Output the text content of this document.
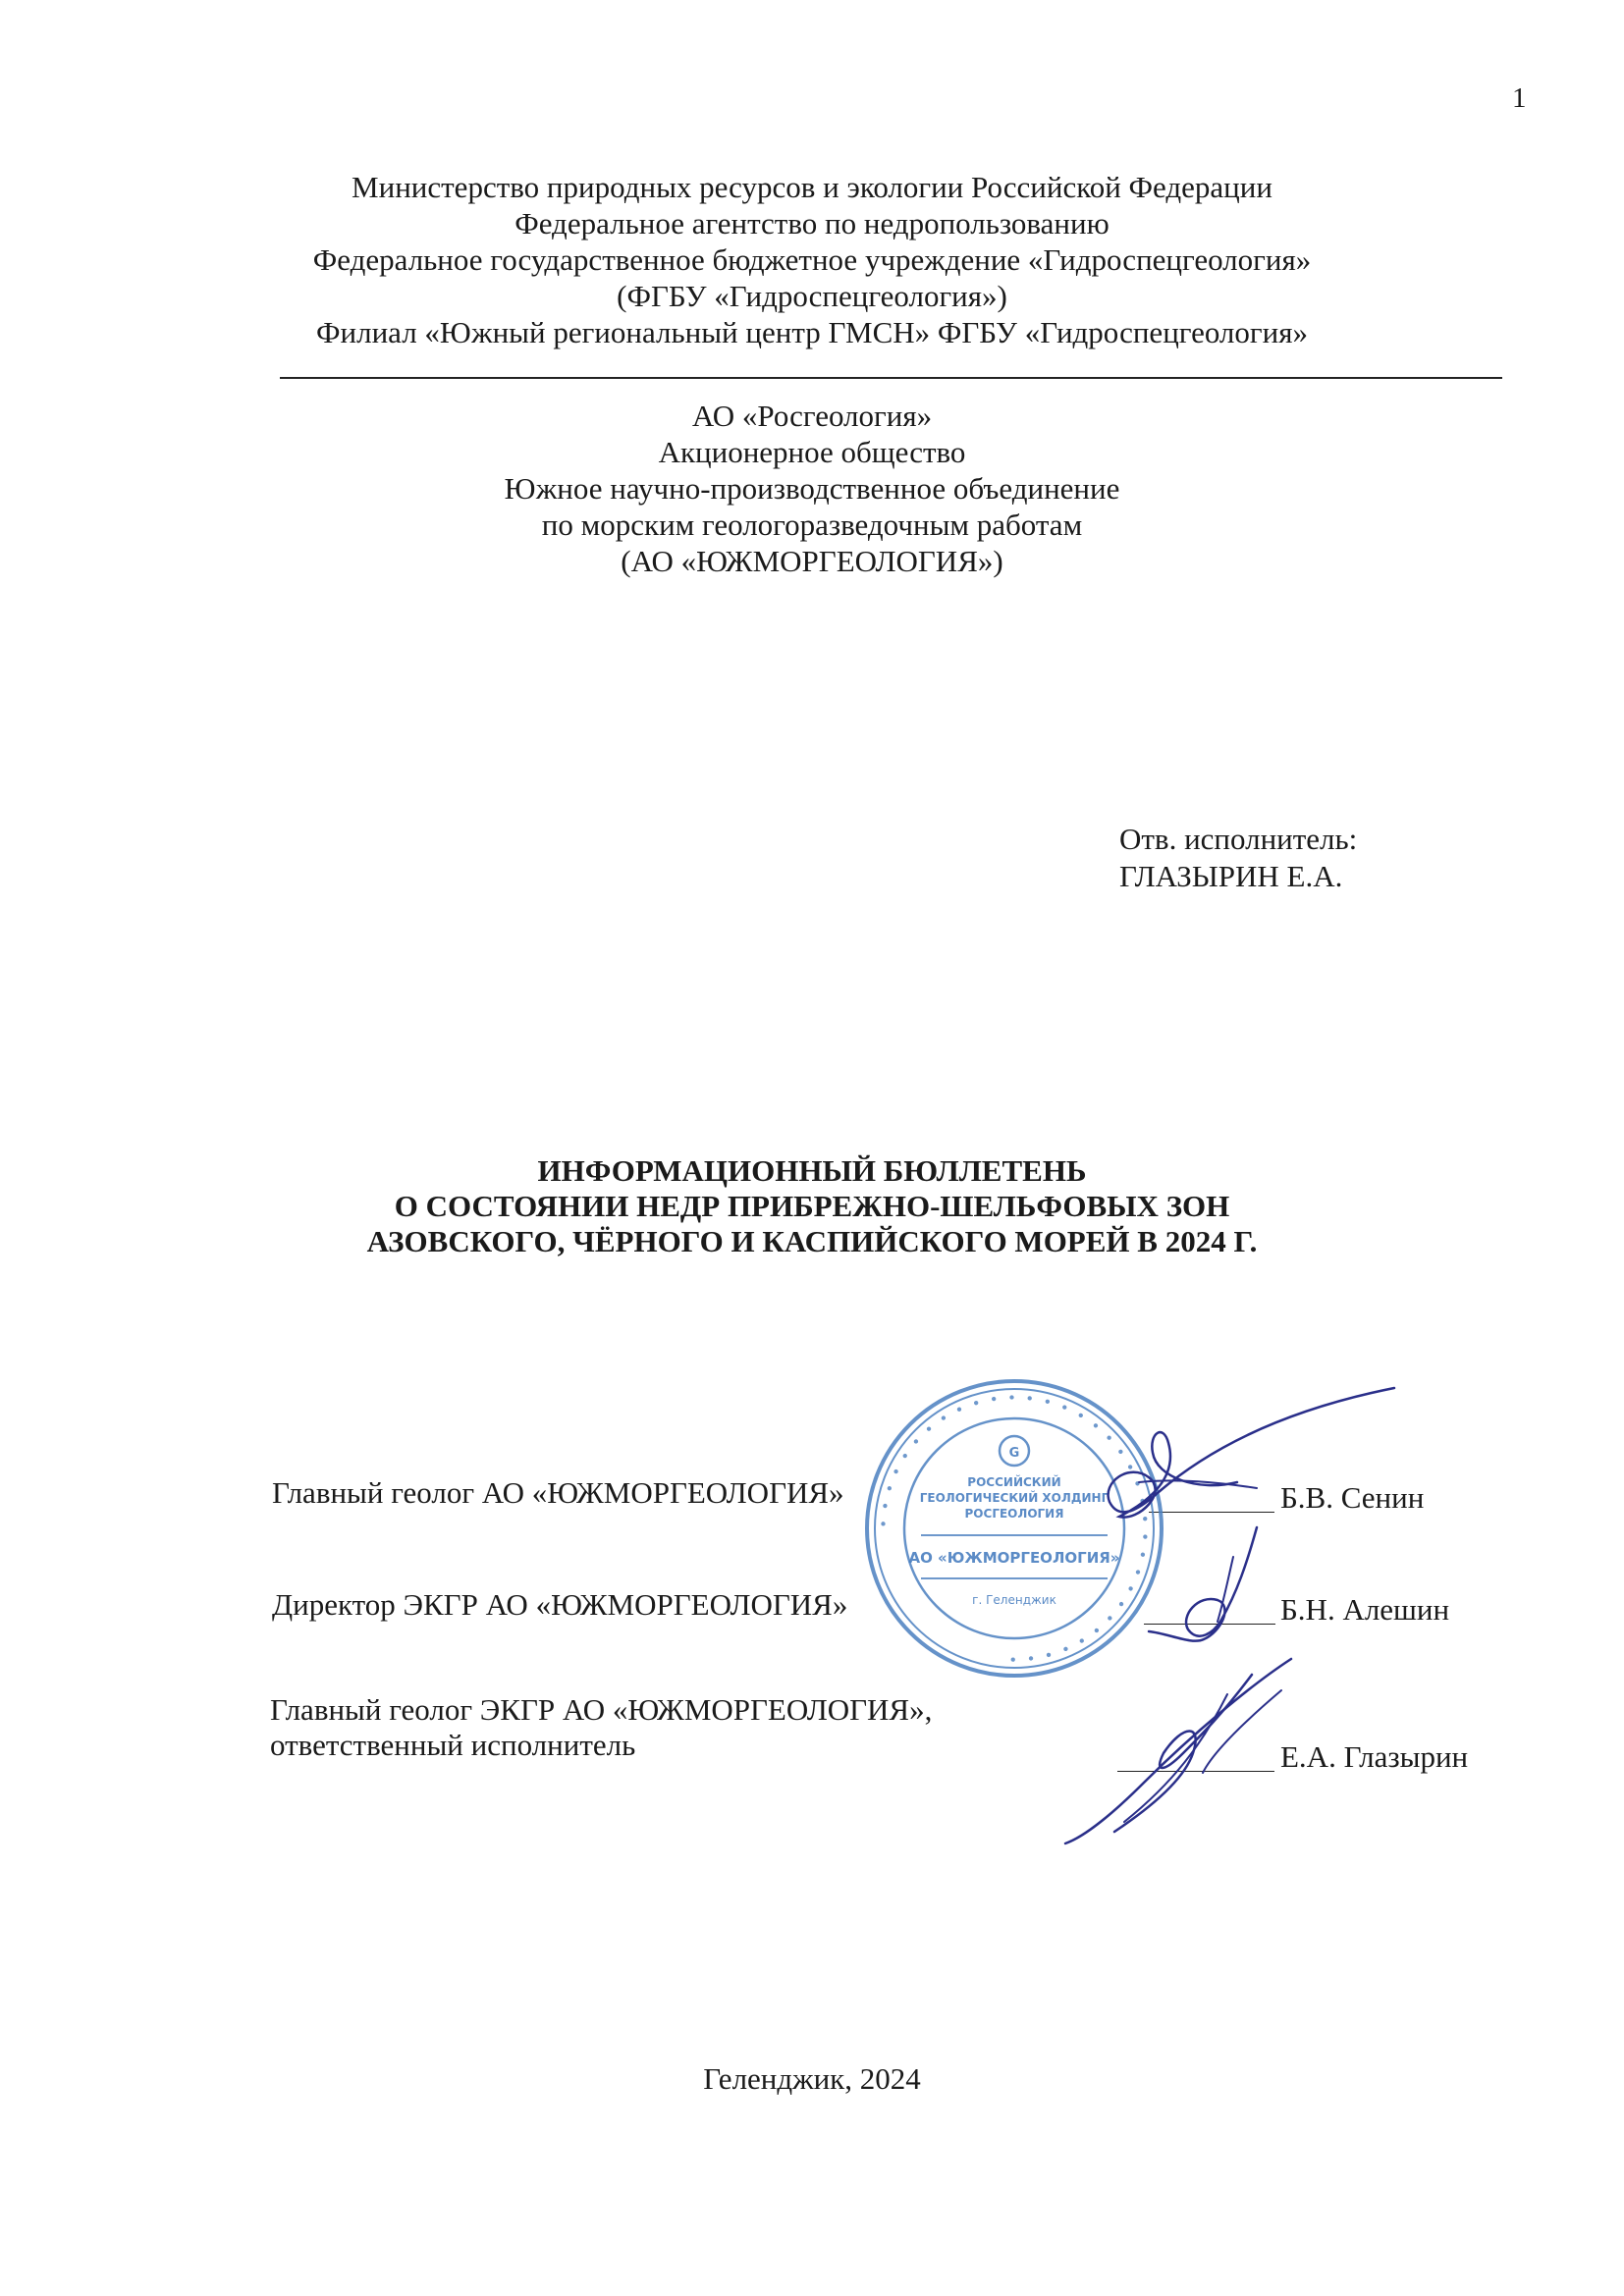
1
Министерство природных ресурсов и экологии Российской Федерации
Федеральное агентство по недропользованию
Федеральное государственное бюджетное учреждение «Гидроспецгеология»
(ФГБУ «Гидроспецгеология»)
Филиал «Южный региональный центр ГМСН» ФГБУ «Гидроспецгеология»
АО «Росгеология»
Акционерное общество
Южное научно-производственное объединение
по морским геологоразведочным работам
(АО «ЮЖМОРГЕОЛОГИЯ»)
Отв. исполнитель:
ГЛАЗЫРИН Е.А.
ИНФОРМАЦИОННЫЙ БЮЛЛЕТЕНЬ
О СОСТОЯНИИ НЕДР ПРИБРЕЖНО-ШЕЛЬФОВЫХ ЗОН
АЗОВСКОГО, ЧЁРНОГО И КАСПИЙСКОГО МОРЕЙ В 2024 Г.
Главный геолог АО «ЮЖМОРГЕОЛОГИЯ»	Б.В. Сенин
Директор ЭКГР АО «ЮЖМОРГЕОЛОГИЯ»	Б.Н. Алешин
Главный геолог ЭКГР АО «ЮЖМОРГЕОЛОГИЯ»,
ответственный исполнитель	Е.А. Глазырин
• • • • • • • • • • • • • • • • • • • • • • • • • • • • • • • • • • •
G
РОССИЙСКИЙ
ГЕОЛОГИЧЕСКИЙ ХОЛДИНГ
РОСГЕОЛОГИЯ
АО «ЮЖМОРГЕОЛОГИЯ»
г. Геленджик
Геленджик, 2024
